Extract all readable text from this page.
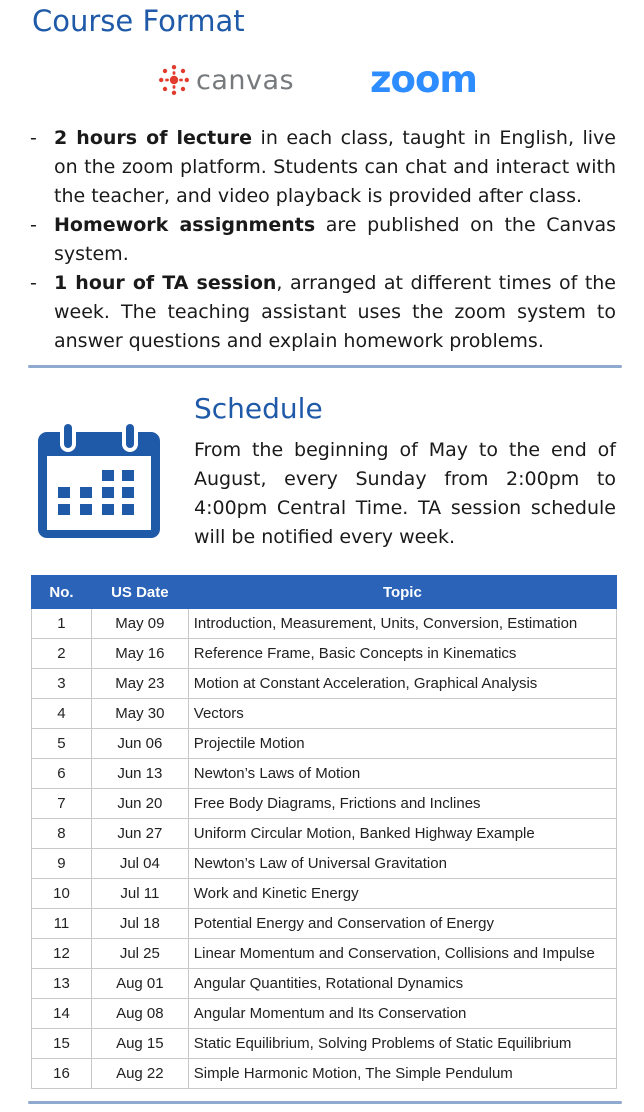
Course Format
canvas zoom
- 2 hours of lecture in each class, taught in English, live on the zoom platform. Students can chat and interact with the teacher, and video playback is provided after class.
- Homework assignments are published on the Canvas system.
- 1 hour of TA session, arranged at different times of the week. The teaching assistant uses the zoom system to answer questions and explain homework problems.
Schedule
From the beginning of May to the end of August, every Sunday from 2:00pm to 4:00pm Central Time. TA session schedule will be notified every week.
No.	US Date	Topic
1	May 09	Introduction, Measurement, Units, Conversion, Estimation
2	May 16	Reference Frame, Basic Concepts in Kinematics
3	May 23	Motion at Constant Acceleration, Graphical Analysis
4	May 30	Vectors
5	Jun 06	Projectile Motion
6	Jun 13	Newton’s Laws of Motion
7	Jun 20	Free Body Diagrams, Frictions and Inclines
8	Jun 27	Uniform Circular Motion, Banked Highway Example
9	Jul 04	Newton’s Law of Universal Gravitation
10	Jul 11	Work and Kinetic Energy
11	Jul 18	Potential Energy and Conservation of Energy
12	Jul 25	Linear Momentum and Conservation, Collisions and Impulse
13	Aug 01	Angular Quantities, Rotational Dynamics
14	Aug 08	Angular Momentum and Its Conservation
15	Aug 15	Static Equilibrium, Solving Problems of Static Equilibrium
16	Aug 22	Simple Harmonic Motion, The Simple Pendulum
